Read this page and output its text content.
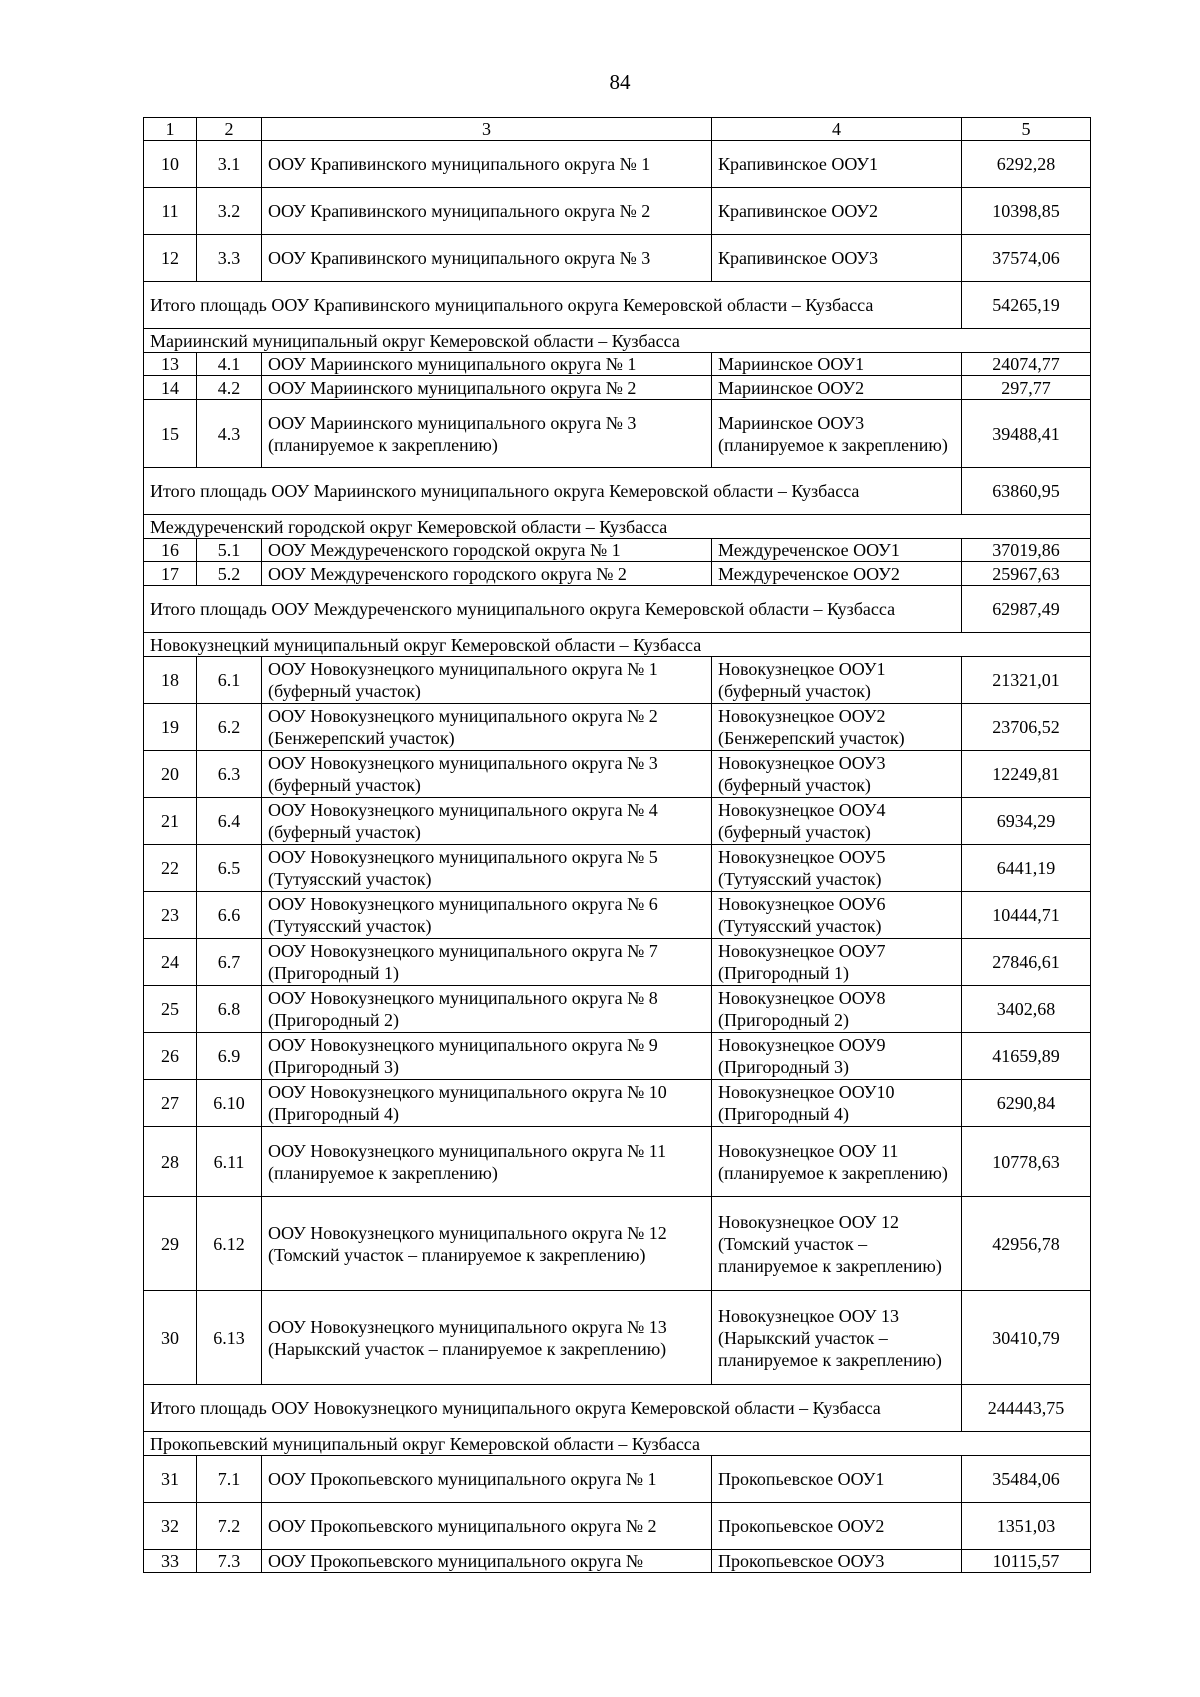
84
1	2	3	4	5
10	3.1	ООУ Крапивинского муниципального округа № 1	Крапивинское ООУ1	6292,28
11	3.2	ООУ Крапивинского муниципального округа № 2	Крапивинское ООУ2	10398,85
12	3.3	ООУ Крапивинского муниципального округа № 3	Крапивинское ООУ3	37574,06
Итого площадь ООУ Крапивинского муниципального округа Кемеровской области – Кузбасса				54265,19
Мариинский муниципальный округ Кемеровской области – Кузбасса				
13	4.1	ООУ Мариинского муниципального округа № 1	Мариинское ООУ1	24074,77
14	4.2	ООУ Мариинского муниципального округа № 2	Мариинское ООУ2	297,77
15	4.3	ООУ Мариинского муниципального округа № 3 (планируемое к закреплению)	Мариинское ООУ3 (планируемое к закреплению)	39488,41
Итого площадь ООУ Мариинского муниципального округа Кемеровской области – Кузбасса				63860,95
Междуреченский городской округ Кемеровской области – Кузбасса				
16	5.1	ООУ Междуреченского городской округа № 1	Междуреченское ООУ1	37019,86
17	5.2	ООУ Междуреченского городского округа № 2	Междуреченское ООУ2	25967,63
Итого площадь ООУ Междуреченского муниципального округа Кемеровской области – Кузбасса				62987,49
Новокузнецкий муниципальный округ Кемеровской области – Кузбасса				
18	6.1	ООУ Новокузнецкого муниципального округа № 1 (буферный участок)	Новокузнецкое ООУ1 (буферный участок)	21321,01
19	6.2	ООУ Новокузнецкого муниципального округа № 2 (Бенжерепский участок)	Новокузнецкое ООУ2 (Бенжерепский участок)	23706,52
20	6.3	ООУ Новокузнецкого муниципального округа № 3 (буферный участок)	Новокузнецкое ООУ3 (буферный участок)	12249,81
21	6.4	ООУ Новокузнецкого муниципального округа № 4 (буферный участок)	Новокузнецкое ООУ4 (буферный участок)	6934,29
22	6.5	ООУ Новокузнецкого муниципального округа № 5 (Тутуясский участок)	Новокузнецкое ООУ5 (Тутуясский участок)	6441,19
23	6.6	ООУ Новокузнецкого муниципального округа № 6 (Тутуясский участок)	Новокузнецкое ООУ6 (Тутуясский участок)	10444,71
24	6.7	ООУ Новокузнецкого муниципального округа № 7 (Пригородный 1)	Новокузнецкое ООУ7 (Пригородный 1)	27846,61
25	6.8	ООУ Новокузнецкого муниципального округа № 8 (Пригородный 2)	Новокузнецкое ООУ8 (Пригородный 2)	3402,68
26	6.9	ООУ Новокузнецкого муниципального округа № 9 (Пригородный 3)	Новокузнецкое ООУ9 (Пригородный 3)	41659,89
27	6.10	ООУ Новокузнецкого муниципального округа № 10 (Пригородный 4)	Новокузнецкое ООУ10 (Пригородный 4)	6290,84
28	6.11	ООУ Новокузнецкого муниципального округа № 11 (планируемое к закреплению)	Новокузнецкое ООУ 11 (планируемое к закреплению)	10778,63
29	6.12	ООУ Новокузнецкого муниципального округа № 12 (Томский участок – планируемое к закреплению)	Новокузнецкое ООУ 12 (Томский участок – планируемое к закреплению)	42956,78
30	6.13	ООУ Новокузнецкого муниципального округа № 13 (Нарыкский участок – планируемое к закреплению)	Новокузнецкое ООУ 13 (Нарыкский участок – планируемое к закреплению)	30410,79
Итого площадь ООУ Новокузнецкого муниципального округа Кемеровской области – Кузбасса				244443,75
Прокопьевский муниципальный округ Кемеровской области – Кузбасса				
31	7.1	ООУ Прокопьевского муниципального округа № 1	Прокопьевское ООУ1	35484,06
32	7.2	ООУ Прокопьевского муниципального округа № 2	Прокопьевское ООУ2	1351,03
33	7.3	ООУ Прокопьевского муниципального округа №	Прокопьевское ООУ3	10115,57
